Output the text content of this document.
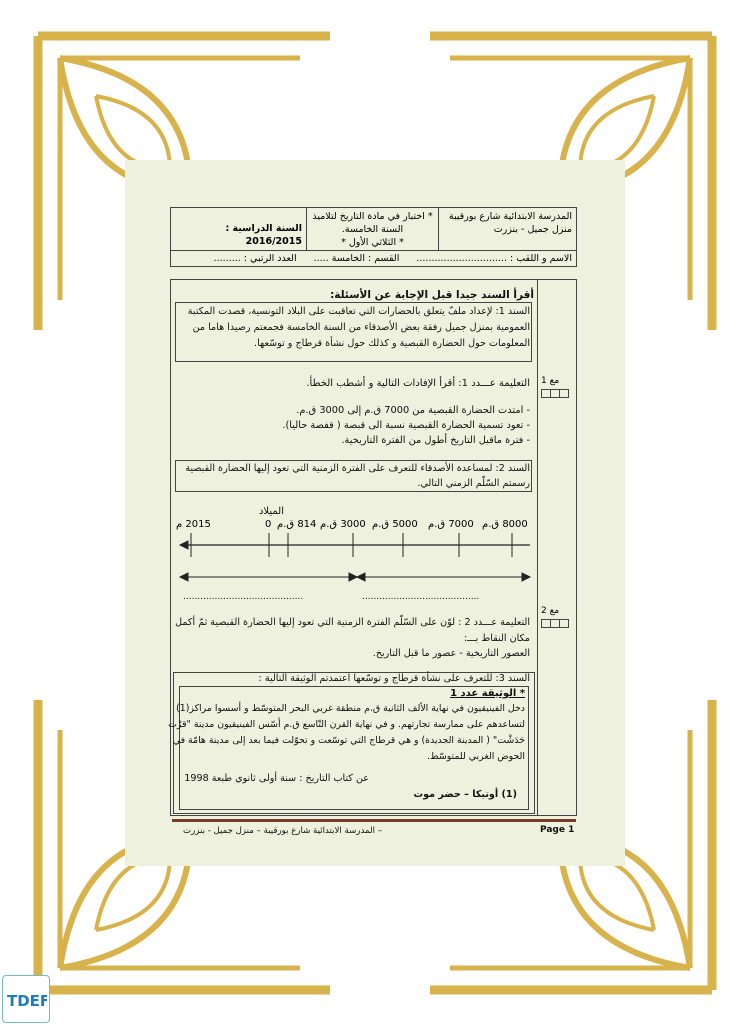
المدرسة الابتدائية شارع بورقيبة
منزل جميل - بنزرت
* اختبار في مادة التاريخ لتلاميذ
السنة الخامسة.
* الثلاثي الأول *
السنة الدراسية : 2016/2015
الاسم و اللقب : .............................. القسم : الخامسة ..... العدد الرتبي : .........
أقرأ السند جيدا قبل الإجابة عن الأسئلة:
السند 1: لإعداد ملفّ يتعلق بالحضارات التي تعاقبت على البلاد التونسية، قصدت المكتبة
العمومية بمنزل جميل رفقة بعض الأصدقاء من السنة الخامسة فجمعتم رصيدا هاما من
المعلومات حول الحضارة القبصية و كذلك حول نشأة قرطاج و توسّعها.
التعليمة عـــدد 1: أقرأ الإفادات التالية و أشطب الخطأ.
- امتدت الحضارة القبصية من 7000 ق.م إلى 3000 ق.م.
- تعود تسمية الحضارة القبصية نسبة الى قبصة ( قفصة حاليا).
- فترة ماقبل التاريخ أطول من الفترة التاريخية.
مع 1
السند 2: لمساعدة الأصدقاء للتعرف على الفترة الزمنية التي تعود إليها الحضارة القبصية
رسمتم السّلّم الزمني التالي.
الميلاد
8000 ق.م
7000 ق.م
5000 ق.م
3000 ق.م
814 ق.م
0
2015 م
..........................................	.........................................
التعليمة عـــدد 2 : لوّن على السّلّم الفترة الزمنية التي تعود إليها الحضارة القبصية ثمّ أكمل
مكان النقاط بـــ:
العصور التاريخية - عصور ما قبل التاريخ.
مع 2
السند 3: للتعرف على نشأة قرطاج و توسّعها اعتمدتم الوثيقة التالية :
* الوثيقة عدد 1
دخل الفينيقيون في نهاية الألف الثانية ق.م منطقة غربي البحر المتوسّط و أسسوا مراكز(1)
لتساعدهم على ممارسة تجارتهم. و في نهاية القرن التّاسع ق.م أسّس الفينيقيون مدينة "قرْت
حَدَشْت" ( المدينة الجديدة) و هي قرطاج التي توسّعت و تحوّلت فيما بعد إلى مدينة هامّة في
الحوض الغربي للمتوسّط.
عن كتاب التاريخ : سنة أولى ثانوي طبعة 1998
(1) أوتيكا – حضر موت
– المدرسة الابتدائية شارع بورقيبة – منزل جميل - بنزرت	Page 1
TDEF
